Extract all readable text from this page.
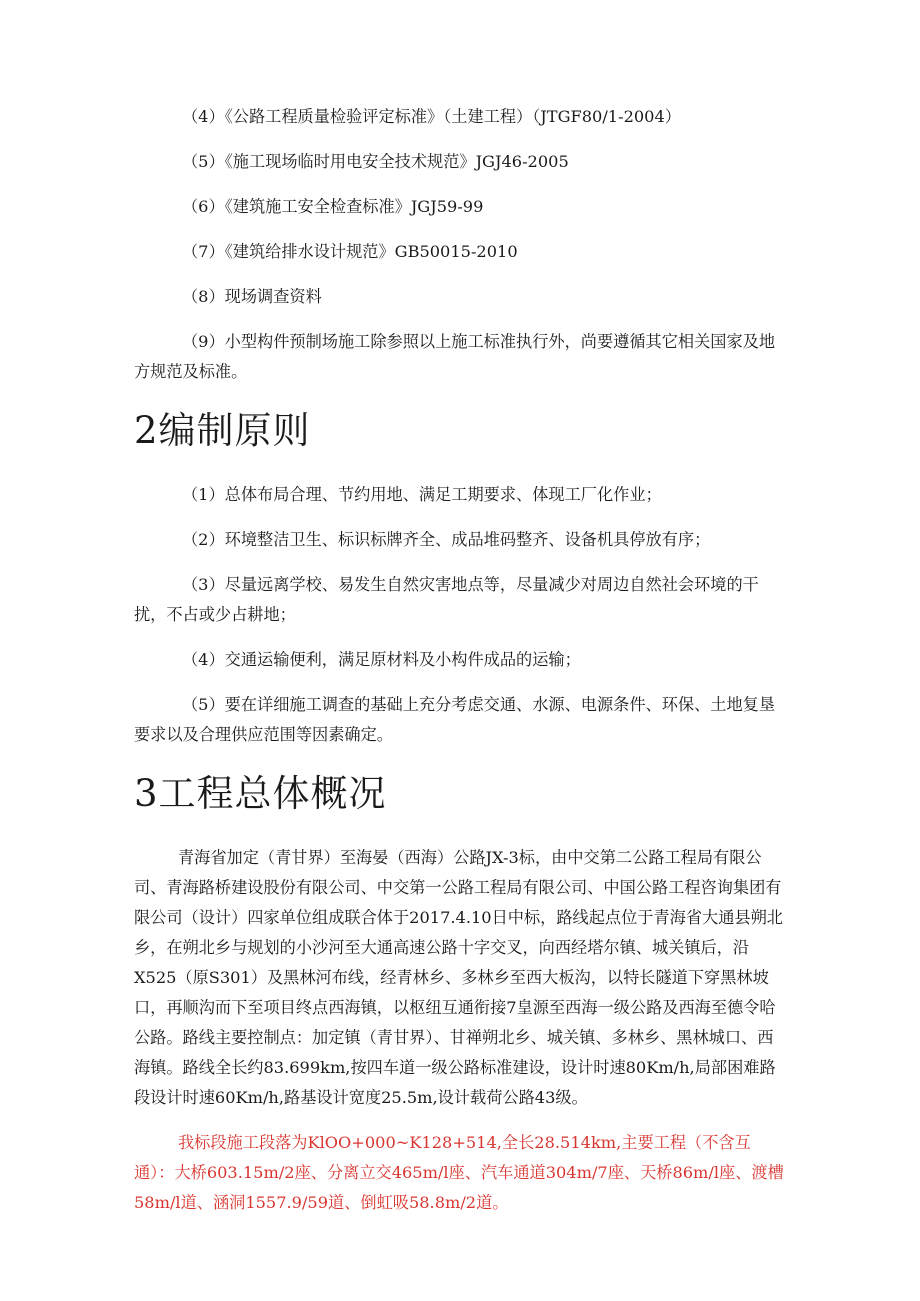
（4）《公路工程质量检验评定标准》（土建工程）（JTGF80/1-2004）

（5）《施工现场临时用电安全技术规范》JGJ46-2005

（6）《建筑施工安全检查标准》JGJ59-99

（7）《建筑给排水设计规范》GB50015-2010

（8）现场调查资料

（9）小型构件预制场施工除参照以上施工标准执行外，尚要遵循其它相关国家及地方规范及标准。

2编制原则

（1）总体布局合理、节约用地、满足工期要求、体现工厂化作业；

（2）环境整洁卫生、标识标牌齐全、成品堆码整齐、设备机具停放有序；

（3）尽量远离学校、易发生自然灾害地点等，尽量减少对周边自然社会环境的干扰，不占或少占耕地；

（4）交通运输便利，满足原材料及小构件成品的运输；

（5）要在详细施工调查的基础上充分考虑交通、水源、电源条件、环保、土地复垦要求以及合理供应范围等因素确定。

3工程总体概况

青海省加定（青甘界）至海晏（西海）公路JX-3标，由中交第二公路工程局有限公司、青海路桥建设股份有限公司、中交第一公路工程局有限公司、中国公路工程咨询集团有限公司（设计）四家单位组成联合体于2017.4.10日中标，路线起点位于青海省大通县朔北乡，在朔北乡与规划的小沙河至大通高速公路十字交叉，向西经塔尔镇、城关镇后，沿X525（原S301）及黑林河布线，经青林乡、多林乡至西大板沟，以特长隧道下穿黑林坡口，再顺沟而下至项目终点西海镇，以枢纽互通衔接7皇源至西海一级公路及西海至德令哈公路。路线主要控制点：加定镇（青甘界）、甘禅朔北乡、城关镇、多林乡、黑林城口、西海镇。路线全长约83.699km,按四车道一级公路标准建设，设计时速80Km/h,局部困难路段设计时速60Km/h,路基设计宽度25.5m,设计载荷公路43级。

我标段施工段落为KlOO+000~K128+514,全长28.514km,主要工程（不含互通）：大桥603.15m/2座、分离立交465m/l座、汽车通道304m/7座、天桥86m/l座、渡槽58m/l道、涵洞1557.9/59道、倒虹吸58.8m/2道。
